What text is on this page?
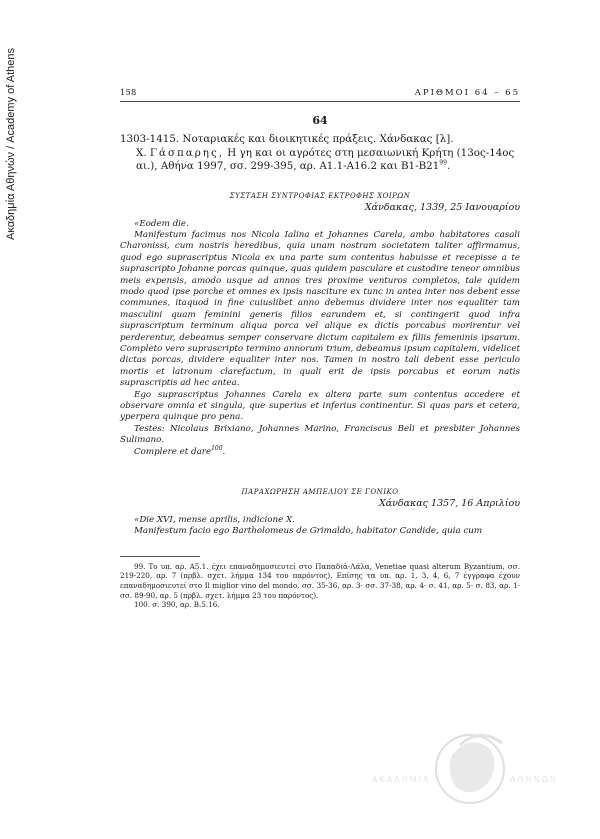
Ακαδημία Αθηνών / Academy of Athens	158	ΑΡΙΘΜΟΙ 64 – 65
64
1303-1415. Νοταριακές και διοικητικές πράξεις. Χάνδακας [λ].
Χ. Γάσπαρης, Η γη και οι αγρότες στη μεσαιωνική Κρήτη (13ος-14ος αι.), Αθήνα 1997, σσ. 299-395, αρ. Α1.1-Α16.2 και $B1-B21^{99}$.
ΣΥΣΤΑΣΗ ΣΥΝΤΡΟΦΙΑΣ ΕΚΤΡΟΦΗΣ ΧΟΙΡΩΝ
Χάνδακας, 1339, 25 Ιανουαρίου

«Eodem die.

Manifestum facimus nos Nicola Ialina et Johannes Carela, ambo habitatores casali Charonissi, cum nostris heredibus, quia unam nostram societatem taliter affirmamus, quod ego suprascriptus Nicola ex una parte sum contentus habuisse et recepisse a te suprascripto Johanne porcas quinque, quas quidem pasculare et custodire teneor omnibus meis expensis, amodo usque ad annos tres proxime venturos completos, tale quidem modo quod ipse porche et omnes ex ipsis nasciture ex tunc in antea inter nos debent esse communes, itaquod in fine cuiuslibet anno debemus dividere inter nos equaliter tam masculini quam feminini generis filios earundem et, si contingerit quod infra suprascriptum terminum aliqua porca vel alique ex dictis porcabus morirentur vel perderentur, debeamus semper conservare dictum capitalem ex filiis femeninis ipsarum. Completo vero suprascripto termino annorum trium, debeamus ipsum capitalem, videlicet dictas porcas, dividere equaliter inter nos. Tamen in nostro tali debent esse periculo mortis et latronum clarefactum, in quali erit de ipsis porcabus et eorum natis suprascriptis ad hec antea.

Ego suprascriptus Johannes Carela ex altera parte sum contentus accedere et observare omnia et singula, que superius et inferius continentur. Si quas pars et cetera, yperpera quinque pro pena.

Testes: Nicolaus Brixiano, Johannes Marino, Franciscus Beli et presbiter Johannes Sulimano.

Complere et dare$^{100}$.

ΠΑΡΑΧΩΡΗΣΗ ΑΜΠΕΛΙΟΥ ΣΕ ΓΟΝΙΚΟ
Χάνδακας 1357, 16 Απριλίου

«Die XVI, mense aprilis, indicione X.

Manifestum facio ego Bartholomeus de Grimaldo, habitator Candide, quia cum

99. Το υπ. αρ. Α5.1. έχει επαναδημοσιευτεί στο Παπαδιά-Λάλα, Venetiae quasi alterum Byzantium, σσ. 219-220, αρ. 7 (πρβλ. σχετ. λήμμα 134 του παρόντος). Επίσης τα υπ. αρ. 1, 3, 4, 6, 7 έγγραφα έχουν επαναδημοσιευτεί στο Il miglior vino del mondo, σσ. 35-36, αρ. 3· σσ. 37-38, αρ. 4· σ. 41, αρ. 5· σ. 83, αρ. 1· σσ. 89-90, αρ. 5 (πρβλ. σχετ. λήμμα 23 του παρόντος).

100. σ. 390, αρ. Β.5.16.

ΑΚΑΔΗΜΙΑ	ΑΘΗΝΩΝ
